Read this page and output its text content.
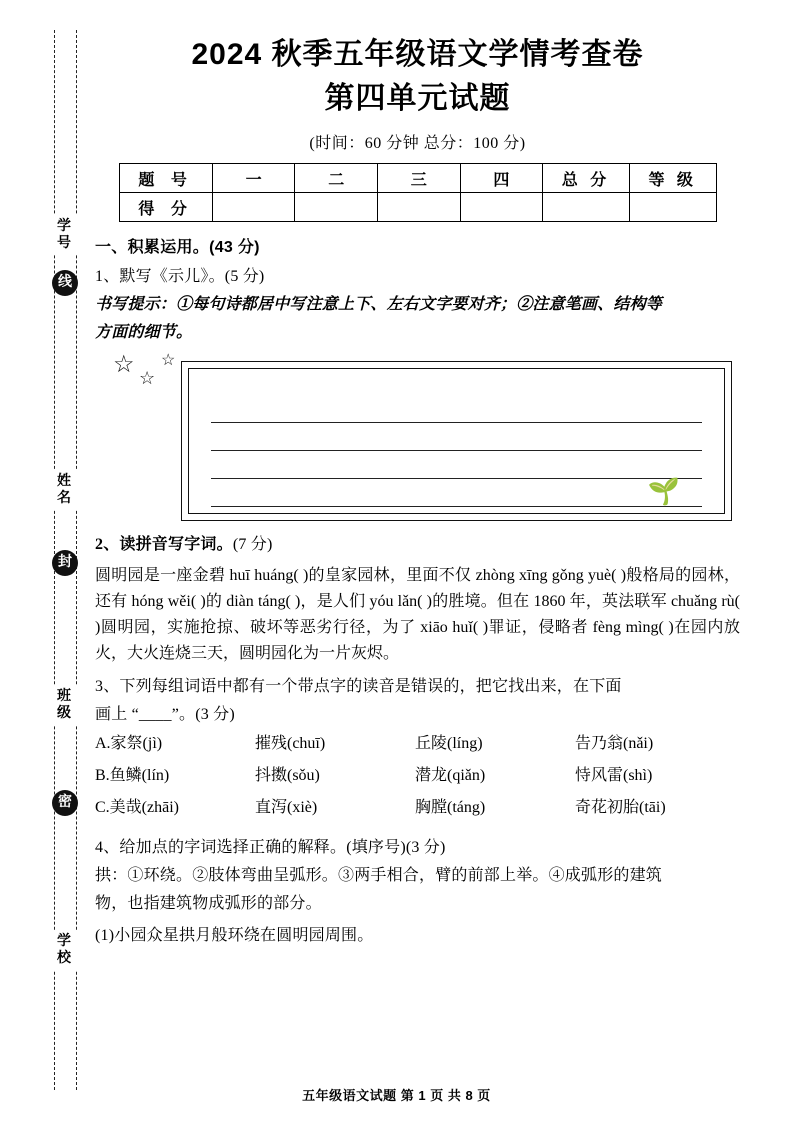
学
号
线
姓
名
封
班
级
密
学
校
2024 秋季五年级语文学情考查卷
第四单元试题
(时间：60 分钟 总分：100 分)
题 号	一	二	三	四	总 分	等 级
得 分						
一、积累运用。(43 分)

1、默写《示儿》。(5 分)

书写提示：①每句诗都居中写注意上下、左右文字要对齐；②注意笔画、结构等

方面的细节。

☆ ☆
☆
🌱

2、读拼音写字词。(7 分)

圆明园是一座金碧 huī huáng( )的皇家园林，里面不仅 zhòng xīng gǒng yuè( )般格局的园林，还有 hóng wěi( )的 diàn táng( )，是人们 yóu lǎn( )的胜境。但在 1860 年，英法联军 chuǎng rù( )圆明园，实施抢掠、破坏等恶劣行径，为了 xiāo huǐ( )罪证，侵略者 fèng mìng( )在园内放火，大火连烧三天，圆明园化为一片灰烬。

3、下列每组词语中都有一个带点字的读音是错误的，把它找出来，在下面

画上 “____”。(3 分)

A.家祭(jì)	摧残(chuī)	丘陵(líng)	告乃翁(nǎi)
B.鱼鳞(lín)	抖擞(sǒu)	潜龙(qiǎn)	恃风雷(shì)
C.美哉(zhāi)	直泻(xiè)	胸膛(táng)	奇花初胎(tāi)

4、给加点的字词选择正确的解释。(填序号)(3 分)

拱：①环绕。②肢体弯曲呈弧形。③两手相合，臂的前部上举。④成弧形的建筑

物，也指建筑物成弧形的部分。

(1)小园众星拱月般环绕在圆明园周围。

五年级语文试题 第 1 页 共 8 页
